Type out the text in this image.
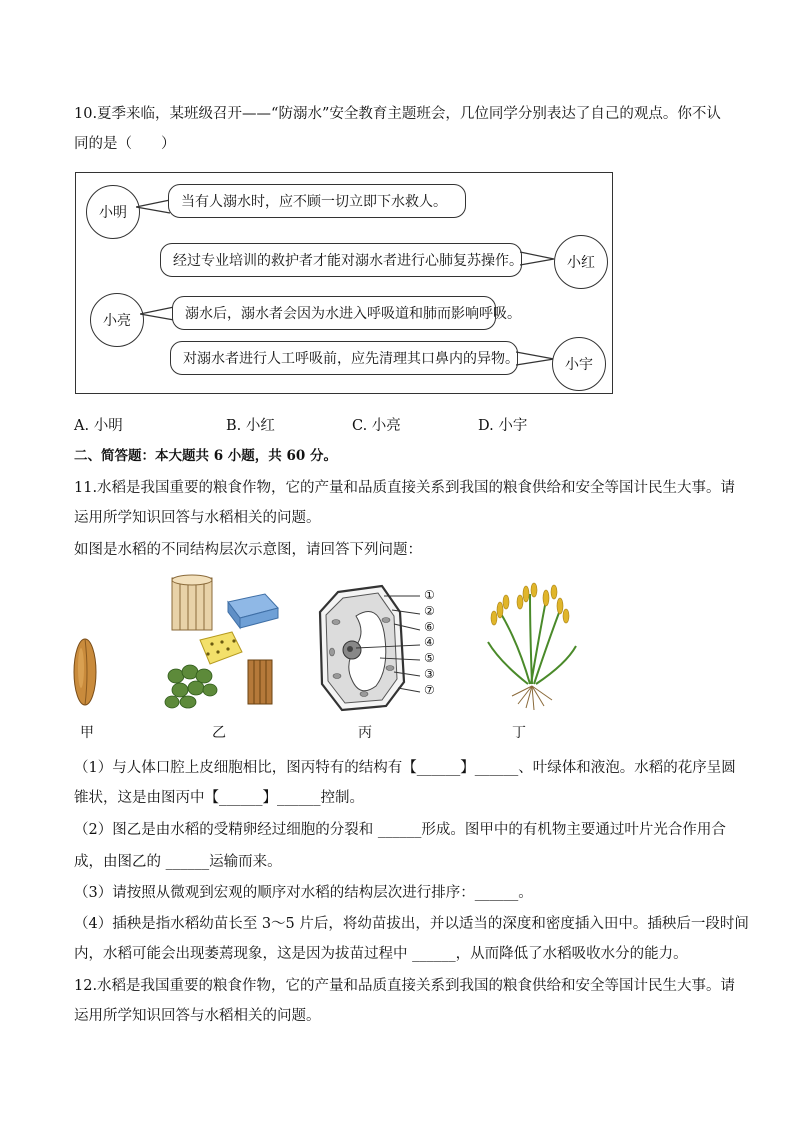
10.夏季来临，某班级召开——“防溺水”安全教育主题班会，几位同学分别表达了自己的观点。你不认
同的是（　　）
小明
当有人溺水时，应不顾一切立即下水救人。
经过专业培训的救护者才能对溺水者进行心肺复苏操作。	小红
小亮	溺水后，溺水者会因为水进入呼吸道和肺而影响呼吸。
对溺水者进行人工呼吸前，应先清理其口鼻内的异物。	小宇
A. 小明	B. 小红	C. 小亮	D. 小宇
二、简答题：本大题共 6 小题，共 60 分。
11.水稻是我国重要的粮食作物，它的产量和品质直接关系到我国的粮食供给和安全等国计民生大事。请
运用所学知识回答与水稻相关的问题。
如图是水稻的不同结构层次示意图，请回答下列问题：
①
②
⑥
④
⑤
③
⑦
甲	乙	丙	丁
（1）与人体口腔上皮细胞相比，图丙特有的结构有【______】______、叶绿体和液泡。水稻的花序呈圆
锥状，这是由图丙中【______】______控制。
（2）图乙是由水稻的受精卵经过细胞的分裂和 ______形成。图甲中的有机物主要通过叶片光合作用合
成，由图乙的 ______运输而来。
（3）请按照从微观到宏观的顺序对水稻的结构层次进行排序：______。
（4）插秧是指水稻幼苗长至 3～5 片后，将幼苗拔出，并以适当的深度和密度插入田中。插秧后一段时间
内，水稻可能会出现萎蔫现象，这是因为拔苗过程中 ______，从而降低了水稻吸收水分的能力。
12.水稻是我国重要的粮食作物，它的产量和品质直接关系到我国的粮食供给和安全等国计民生大事。请
运用所学知识回答与水稻相关的问题。
